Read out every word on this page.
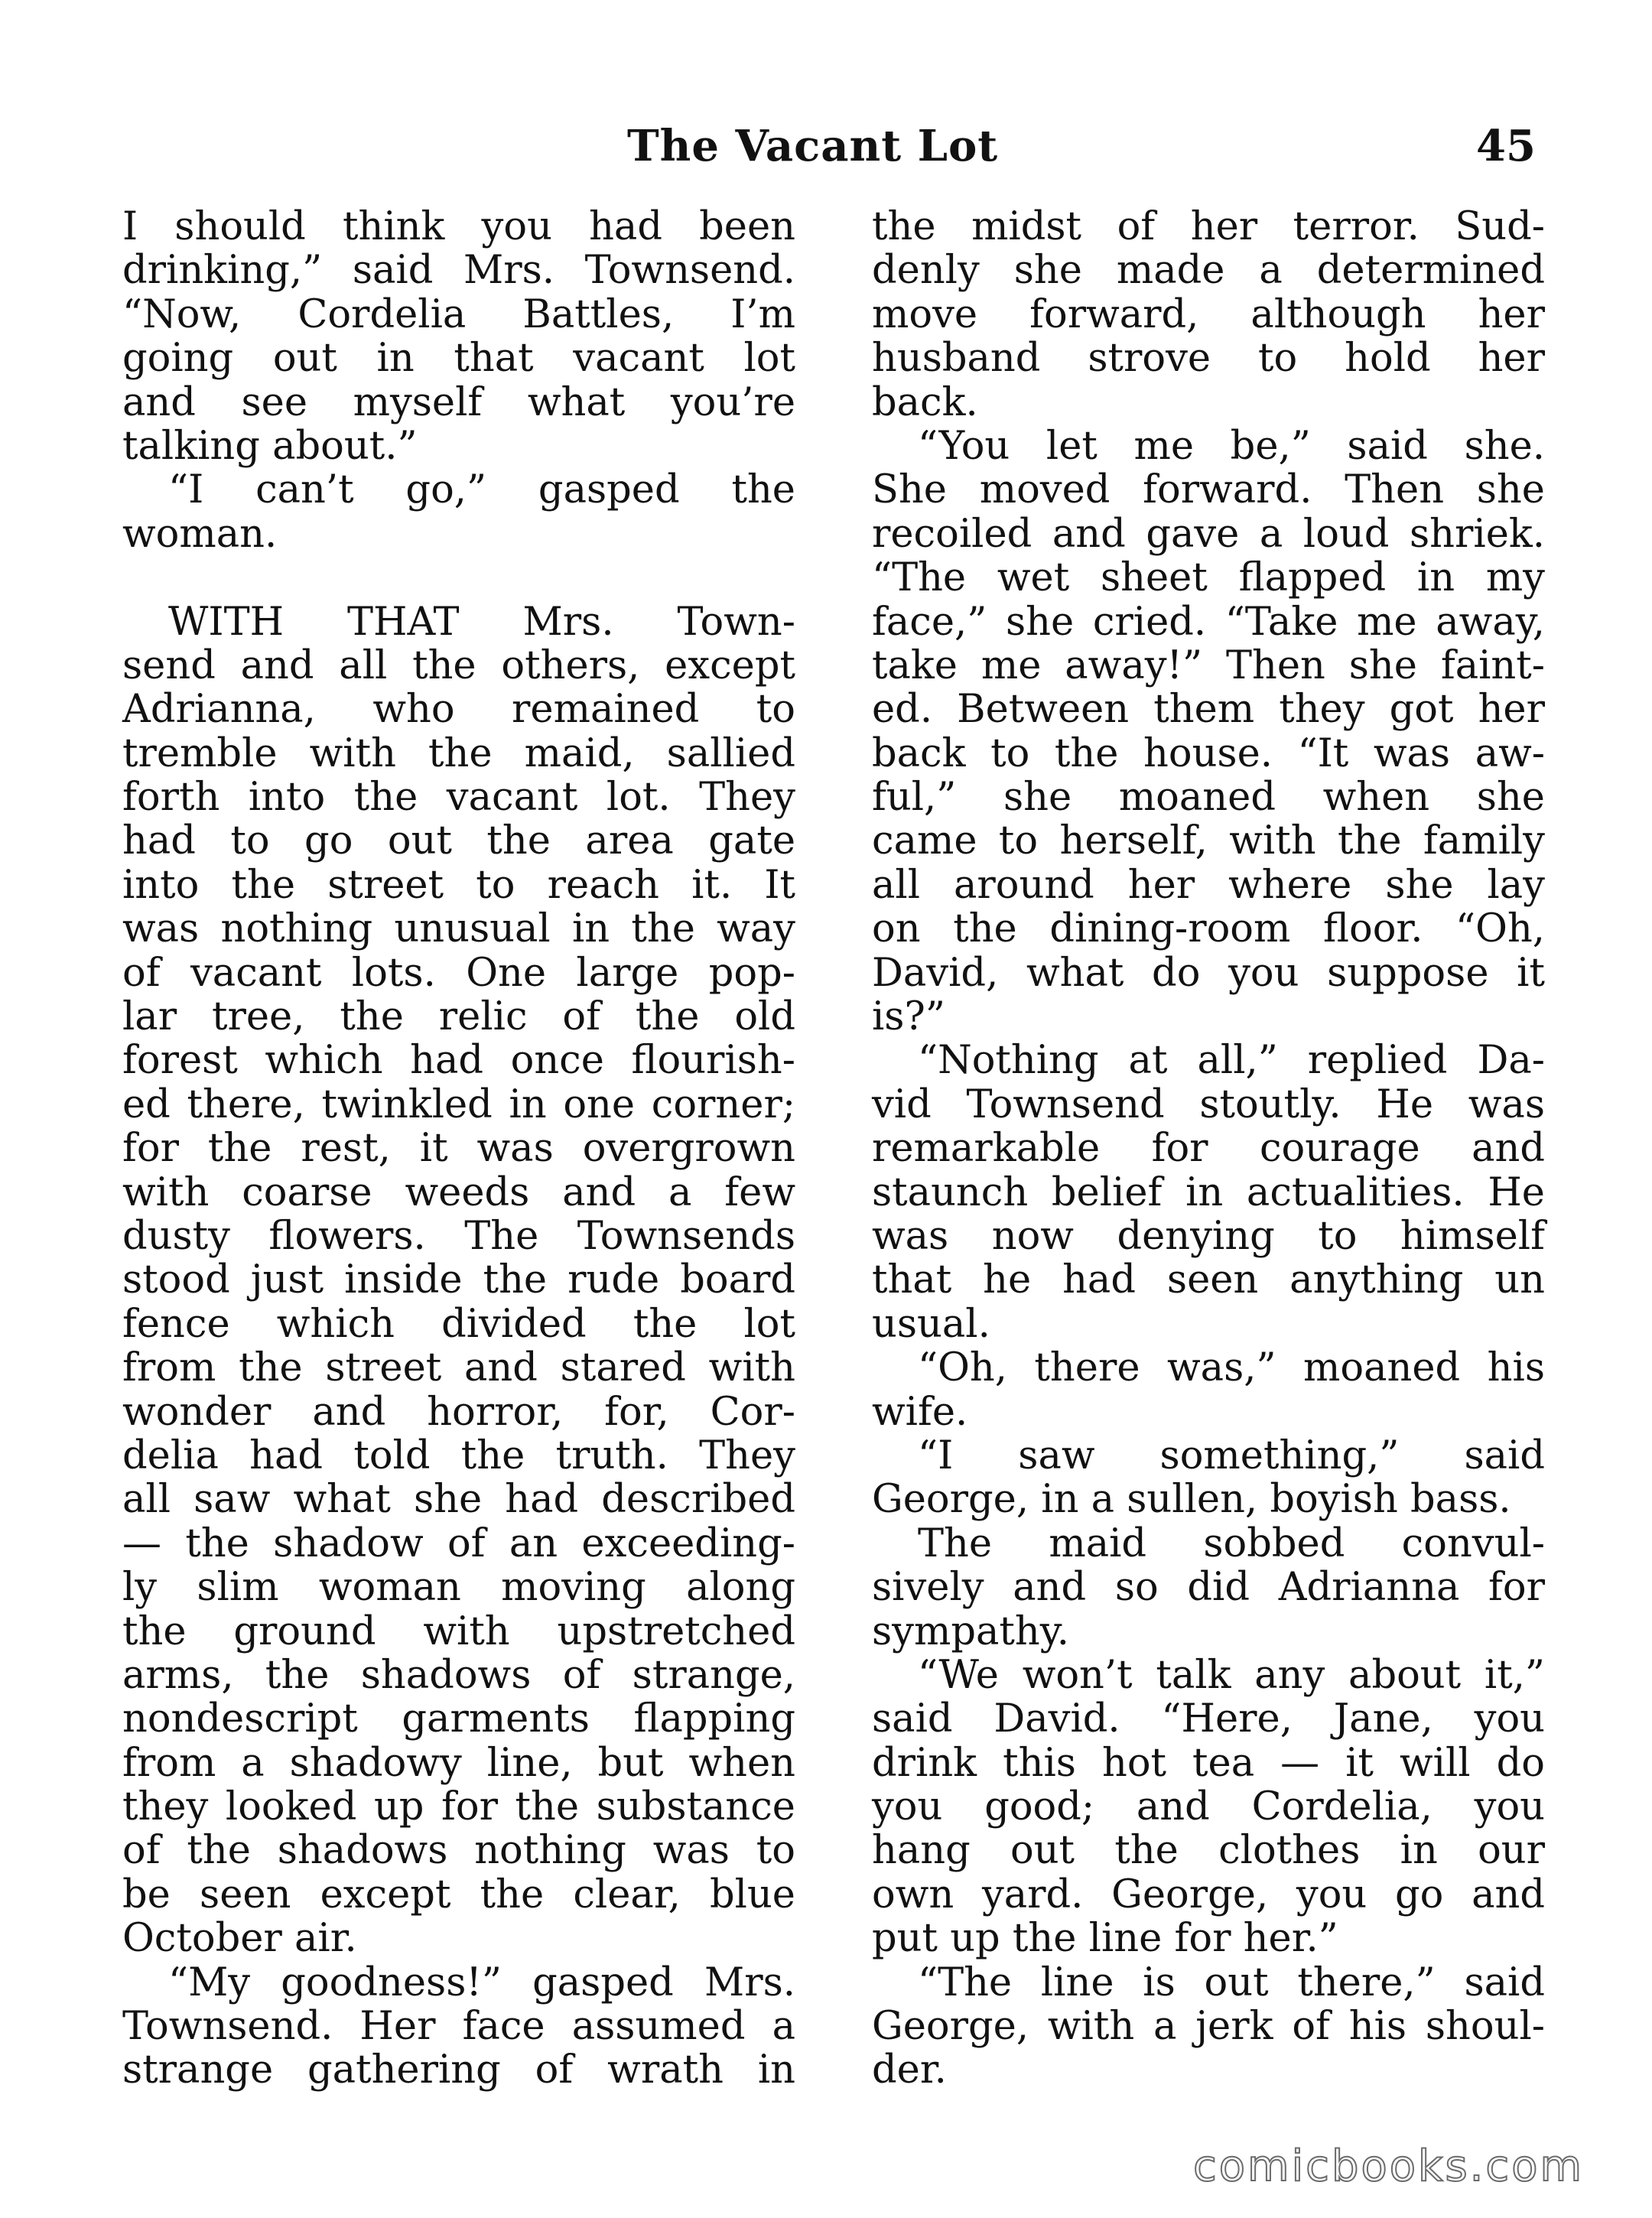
The Vacant Lot	45
I should think you had been
drinking,” said Mrs. Townsend.
“Now, Cordelia Battles, I’m
going out in that vacant lot
and see myself what you’re
talking about.”
“I can’t go,” gasped the
woman.
WITH THAT Mrs. Town-
send and all the others, except
Adrianna, who remained to
tremble with the maid, sallied
forth into the vacant lot. They
had to go out the area gate
into the street to reach it. It
was nothing unusual in the way
of vacant lots. One large pop-
lar tree, the relic of the old
forest which had once flourish-
ed there, twinkled in one corner;
for the rest, it was overgrown
with coarse weeds and a few
dusty flowers. The Townsends
stood just inside the rude board
fence which divided the lot
from the street and stared with
wonder and horror, for, Cor-
delia had told the truth. They
all saw what she had described
— the shadow of an exceeding-
ly slim woman moving along
the ground with upstretched
arms, the shadows of strange,
nondescript garments flapping
from a shadowy line, but when
they looked up for the substance
of the shadows nothing was to
be seen except the clear, blue
October air.
“My goodness!” gasped Mrs.
Townsend. Her face assumed a
strange gathering of wrath in
the midst of her terror. Sud-
denly she made a determined
move forward, although her
husband strove to hold her
back.
“You let me be,” said she.
She moved forward. Then she
recoiled and gave a loud shriek.
“The wet sheet flapped in my
face,” she cried. “Take me away,
take me away!” Then she faint-
ed. Between them they got her
back to the house. “It was aw-
ful,” she moaned when she
came to herself, with the family
all around her where she lay
on the dining-room floor. “Oh,
David, what do you suppose it
is?”
“Nothing at all,” replied Da-
vid Townsend stoutly. He was
remarkable for courage and
staunch belief in actualities. He
was now denying to himself
that he had seen anything un
usual.
“Oh, there was,” moaned his
wife.
“I saw something,” said
George, in a sullen, boyish bass.
The maid sobbed convul-
sively and so did Adrianna for
sympathy.
“We won’t talk any about it,”
said David. “Here, Jane, you
drink this hot tea — it will do
you good; and Cordelia, you
hang out the clothes in our
own yard. George, you go and
put up the line for her.”
“The line is out there,” said
George, with a jerk of his shoul-
der.
comicbooks.com
